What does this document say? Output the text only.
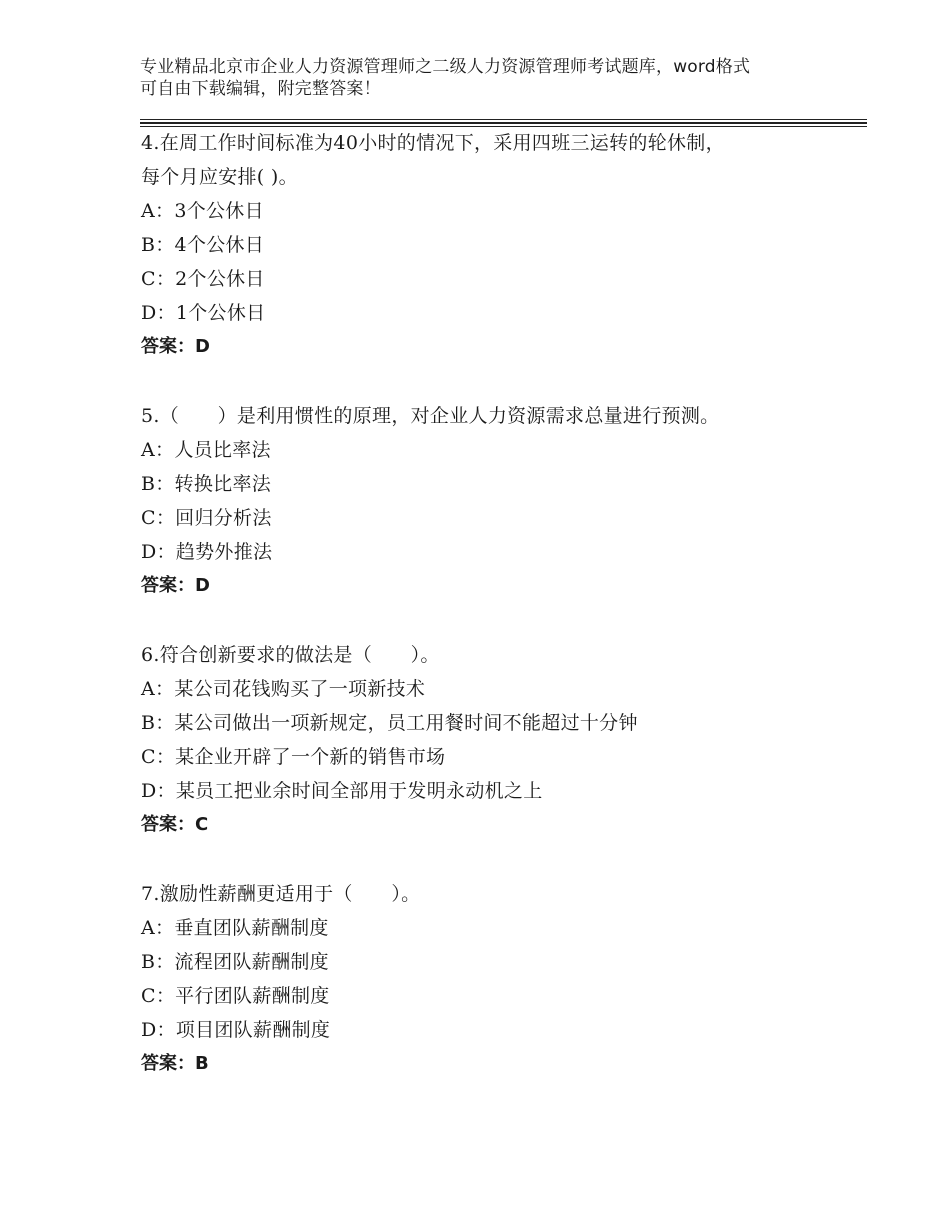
专业精品北京市企业人力资源管理师之二级人力资源管理师考试题库，word格式
可自由下载编辑，附完整答案！
4.在周工作时间标准为40小时的情况下，采用四班三运转的轮休制，
每个月应安排( )。
A：3个公休日
B：4个公休日
C：2个公休日
D：1个公休日
答案：D
5.（　　）是利用惯性的原理，对企业人力资源需求总量进行预测。
A：人员比率法
B：转换比率法
C：回归分析法
D：趋势外推法
答案：D
6.符合创新要求的做法是（　　）。
A：某公司花钱购买了一项新技术
B：某公司做出一项新规定，员工用餐时间不能超过十分钟
C：某企业开辟了一个新的销售市场
D：某员工把业余时间全部用于发明永动机之上
答案：C
7.激励性薪酬更适用于（　　）。
A：垂直团队薪酬制度
B：流程团队薪酬制度
C：平行团队薪酬制度
D：项目团队薪酬制度
答案：B
